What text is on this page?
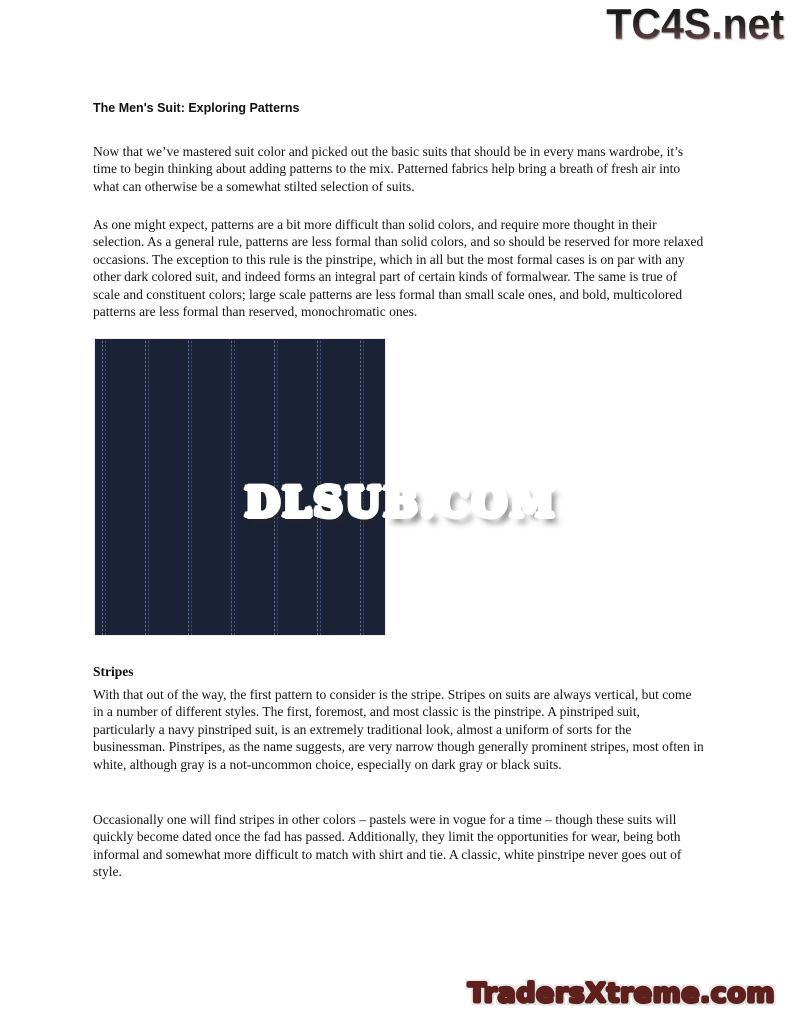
TC4S.net
The Men's Suit: Exploring Patterns

Now that we’ve mastered suit color and picked out the basic suits that should be in every mans wardrobe, it’s time to begin thinking about adding patterns to the mix. Patterned fabrics help bring a breath of fresh air into what can otherwise be a somewhat stilted selection of suits.

As one might expect, patterns are a bit more difficult than solid colors, and require more thought in their selection. As a general rule, patterns are less formal than solid colors, and so should be reserved for more relaxed occasions. The exception to this rule is the pinstripe, which in all but the most formal cases is on par with any other dark colored suit, and indeed forms an integral part of certain kinds of formalwear. The same is true of scale and constituent colors; large scale patterns are less formal than small scale ones, and bold, multicolored patterns are less formal than reserved, monochromatic ones.

DLSUB.COM
Stripes

With that out of the way, the first pattern to consider is the stripe. Stripes on suits are always vertical, but come in a number of different styles. The first, foremost, and most classic is the pinstripe. A pinstriped suit, particularly a navy pinstriped suit, is an extremely traditional look, almost a uniform of sorts for the businessman. Pinstripes, as the name suggests, are very narrow though generally prominent stripes, most often in white, although gray is a not-uncommon choice, especially on dark gray or black suits.

Occasionally one will find stripes in other colors – pastels were in vogue for a time – though these suits will quickly become dated once the fad has passed. Additionally, they limit the opportunities for wear, being both informal and somewhat more difficult to match with shirt and tie. A classic, white pinstripe never goes out of style.

TradersXtreme.com
